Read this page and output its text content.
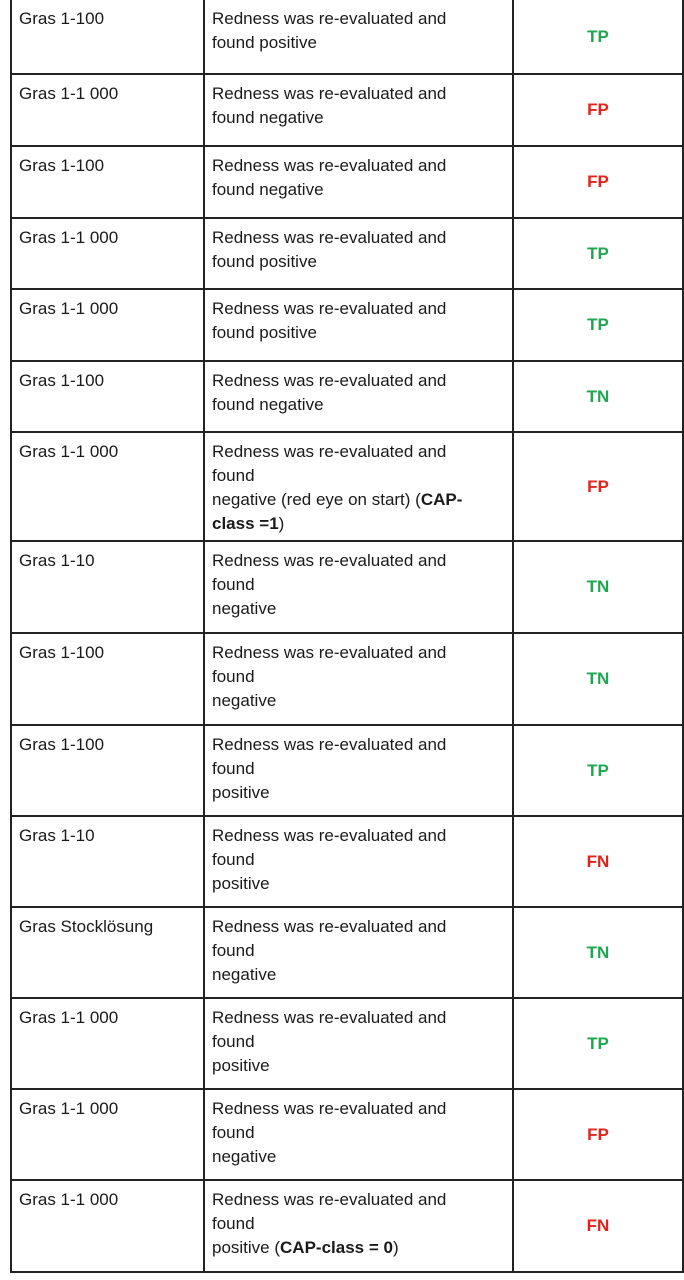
Gras 1-100	Redness was re-evaluated and
found positive	TP
Gras 1-1 000	Redness was re-evaluated and
found negative	FP
Gras 1-100	Redness was re-evaluated and
found negative	FP
Gras 1-1 000	Redness was re-evaluated and
found positive	TP
Gras 1-1 000	Redness was re-evaluated and
found positive	TP
Gras 1-100	Redness was re-evaluated and
found negative	TN
Gras 1-1 000	Redness was re-evaluated and
found
negative (red eye on start) (CAP-
class =1)	FP
Gras 1-10	Redness was re-evaluated and
found
negative	TN
Gras 1-100	Redness was re-evaluated and
found
negative	TN
Gras 1-100	Redness was re-evaluated and
found
positive	TP
Gras 1-10	Redness was re-evaluated and
found
positive	FN
Gras Stocklösung	Redness was re-evaluated and
found
negative	TN
Gras 1-1 000	Redness was re-evaluated and
found
positive	TP
Gras 1-1 000	Redness was re-evaluated and
found
negative	FP
Gras 1-1 000	Redness was re-evaluated and
found
positive (CAP-class = 0)	FN
